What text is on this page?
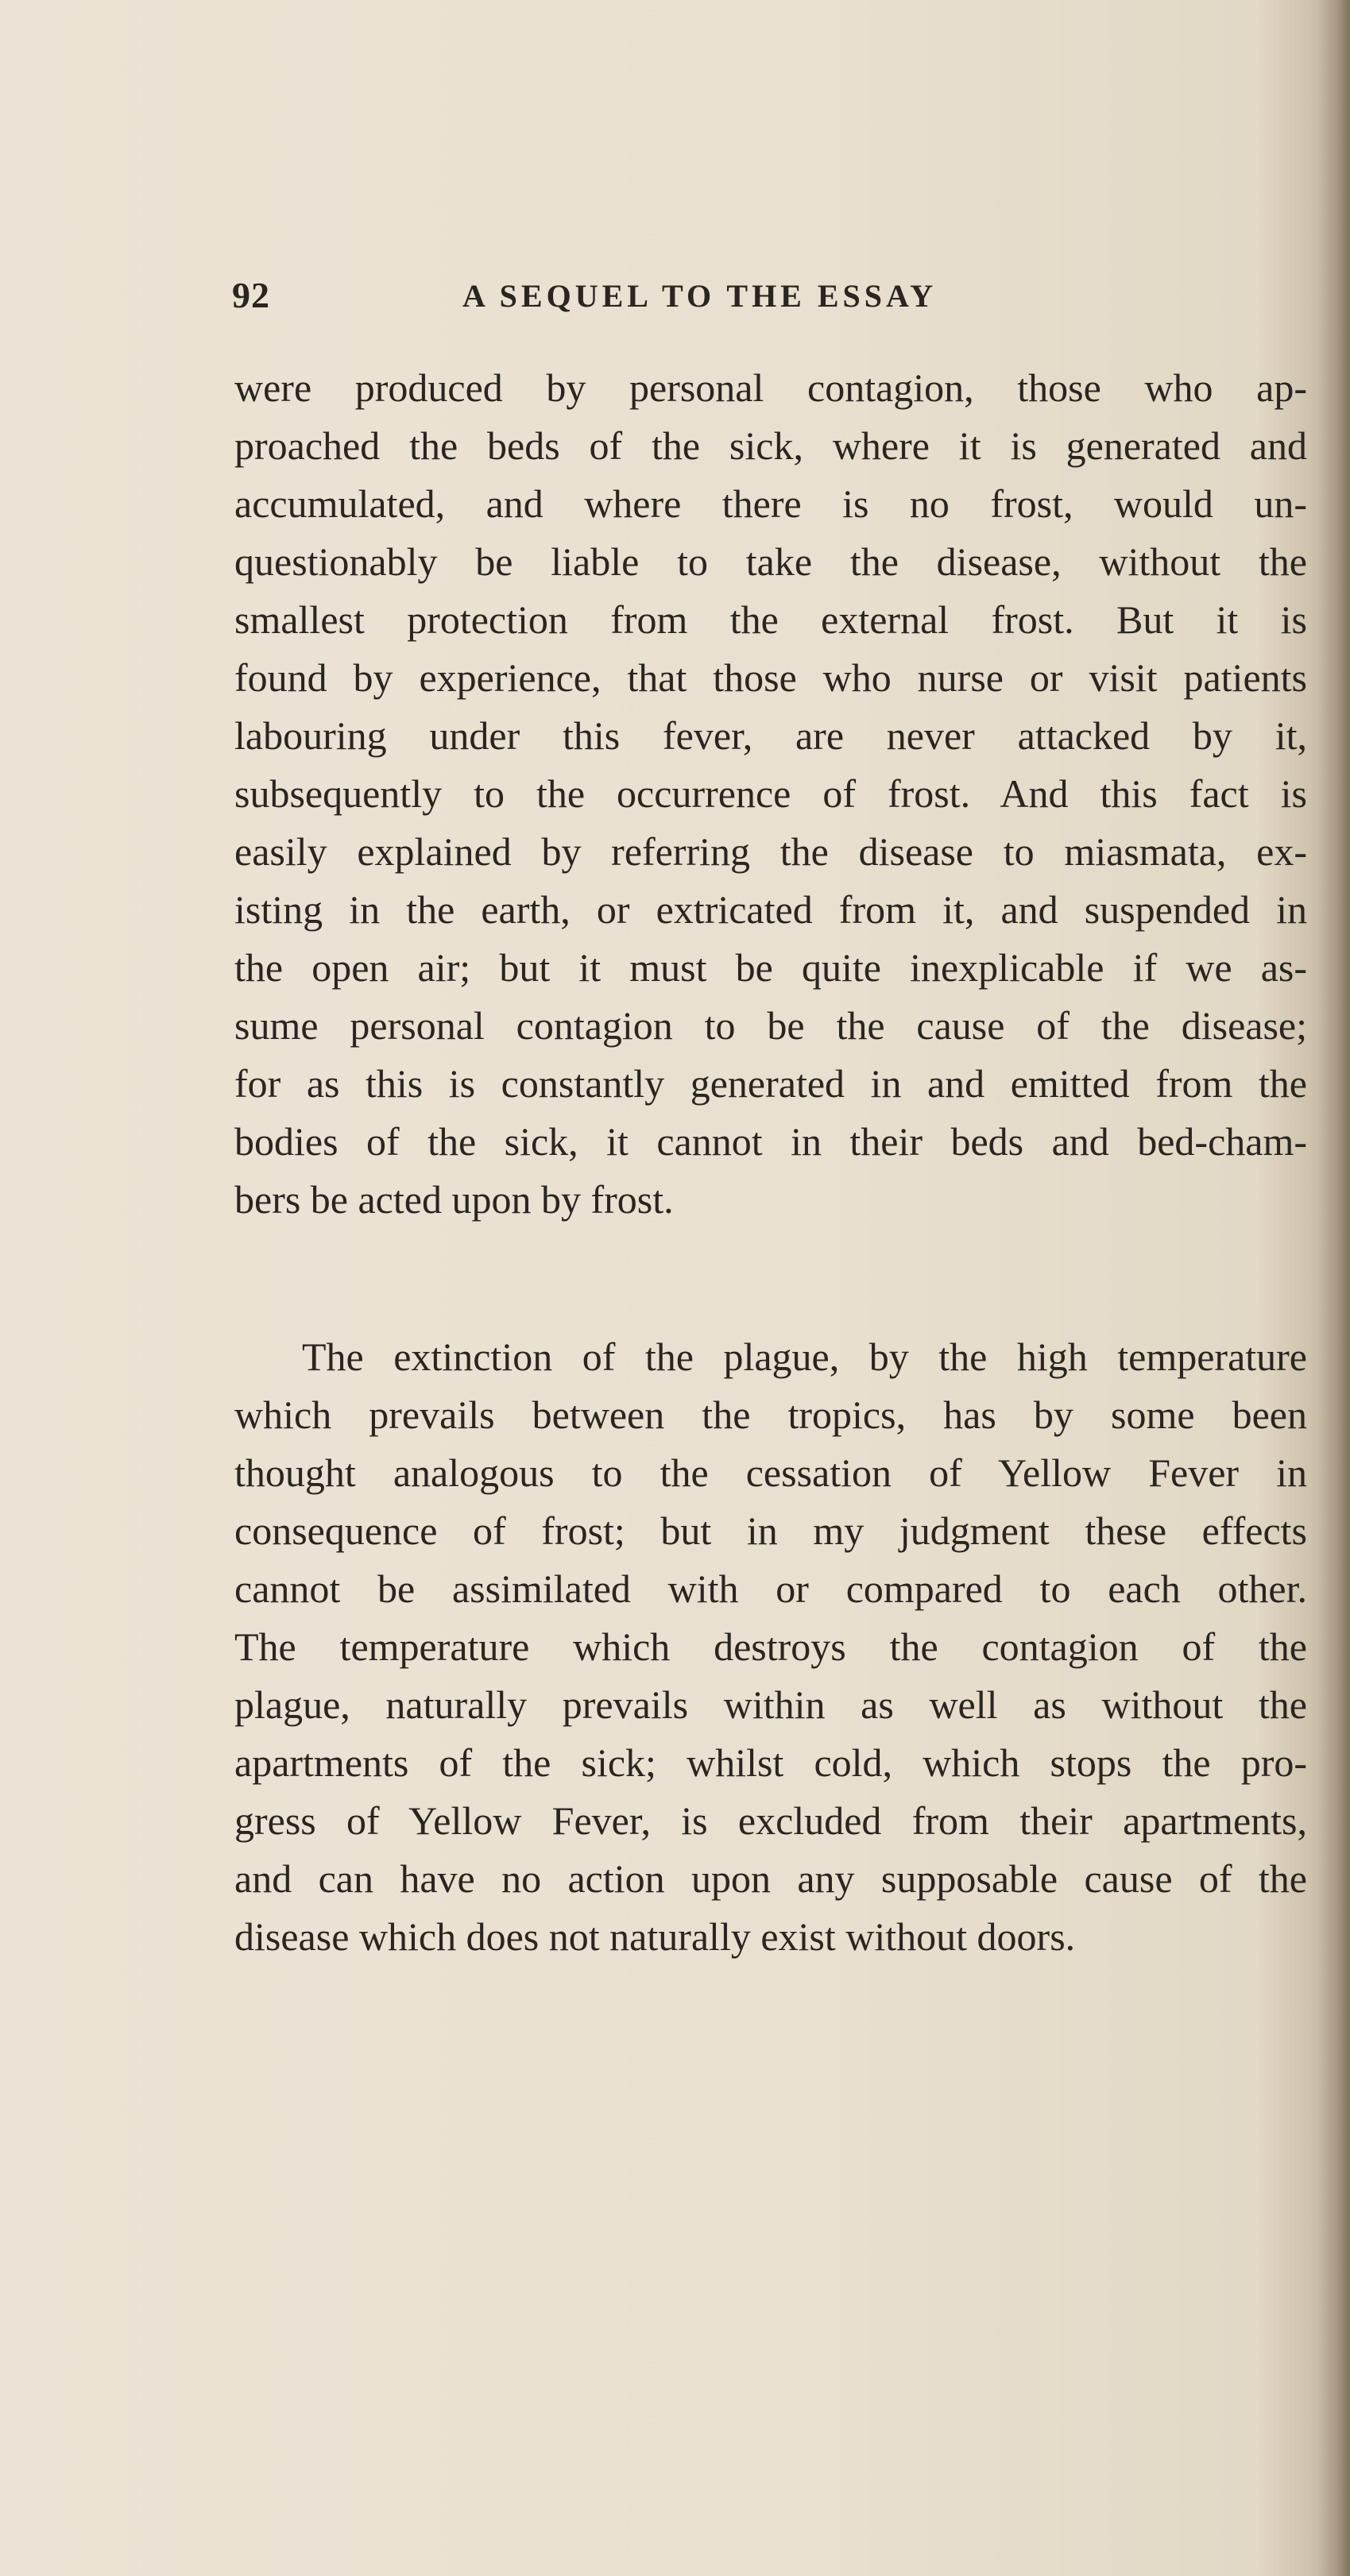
92	A SEQUEL TO THE ESSAY
were produced by personal contagion, those who ap-
proached the beds of the sick, where it is generated and
accumulated, and where there is no frost, would un-
questionably be liable to take the disease, without the
smallest protection from the external frost. But it is
found by experience, that those who nurse or visit patients
labouring under this fever, are never attacked by it,
subsequently to the occurrence of frost. And this fact is
easily explained by referring the disease to miasmata, ex-
isting in the earth, or extricated from it, and suspended in
the open air; but it must be quite inexplicable if we as-
sume personal contagion to be the cause of the disease;
for as this is constantly generated in and emitted from the
bodies of the sick, it cannot in their beds and bed-cham-
bers be acted upon by frost.
The extinction of the plague, by the high temperature
which prevails between the tropics, has by some been
thought analogous to the cessation of Yellow Fever in
consequence of frost; but in my judgment these effects
cannot be assimilated with or compared to each other.
The temperature which destroys the contagion of the
plague, naturally prevails within as well as without the
apartments of the sick; whilst cold, which stops the pro-
gress of Yellow Fever, is excluded from their apartments,
and can have no action upon any supposable cause of the
disease which does not naturally exist without doors.
